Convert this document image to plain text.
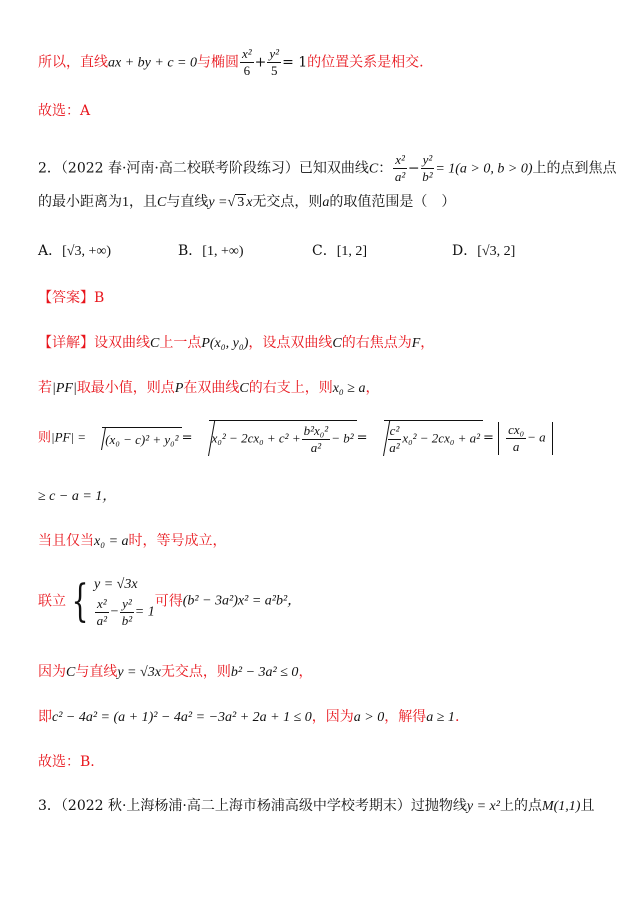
所以，直线ax + by + c = 0与椭圆 $\frac{\text{x²}}{6} + \frac{\text{y²}}{5} = 1$的位置关系是相交.
故选：A
2．（2022 春·河南·高二校联考阶段练习）已知双曲线C： $\frac{\text{x²}}{\text{a²}} - \frac{\text{y²}}{\text{b²}} = 1(a > 0$, b > 0)上的点到焦点
的最小距离为1，且C与直线y =√ 3 x无交点，则a的取值范围是（　）
A．[√3, +∞)	B．[1, +∞)	C．[1, 2]	D．[√3, 2]
【答案】B
【详解】设双曲线C上一点P(x₀, y₀)，设点双曲线C的右焦点为F，
若|PF|取最小值，则点P在双曲线C的右支上，则x₀ ≥ a，
则$|PF| = (x_0 - c)^2 + y_0^2 = x_0^2 - 2cx_0 + c^2 + \frac{\text{b²x₀²}}{\text{a²}} - b^2 = \frac{\text{c²}}{\text{a²}} x_0^2 - 2cx_0 + a^2 = \frac{\text{cx₀}}{a} - a$
≥ c − a = 1，
当且仅当x₀ = a时，等号成立，
联立 { y = √3x
$\frac{\text{x²}}{\text{a²}} - \frac{\text{y²}}{\text{b²}} = 1$
可得(b² − 3a²)x² = a²b²，
因为C与直线y = √3x无交点，则b² − 3a² ≤ 0，
即c² − 4a² = (a + 1)² − 4a² = −3a² + 2a + 1 ≤ 0，因为a > 0，解得a ≥ 1.
故选：B.
3．（2022 秋·上海杨浦·高二上海市杨浦高级中学校考期末）过抛物线y = x²上的点M(1,1)且
